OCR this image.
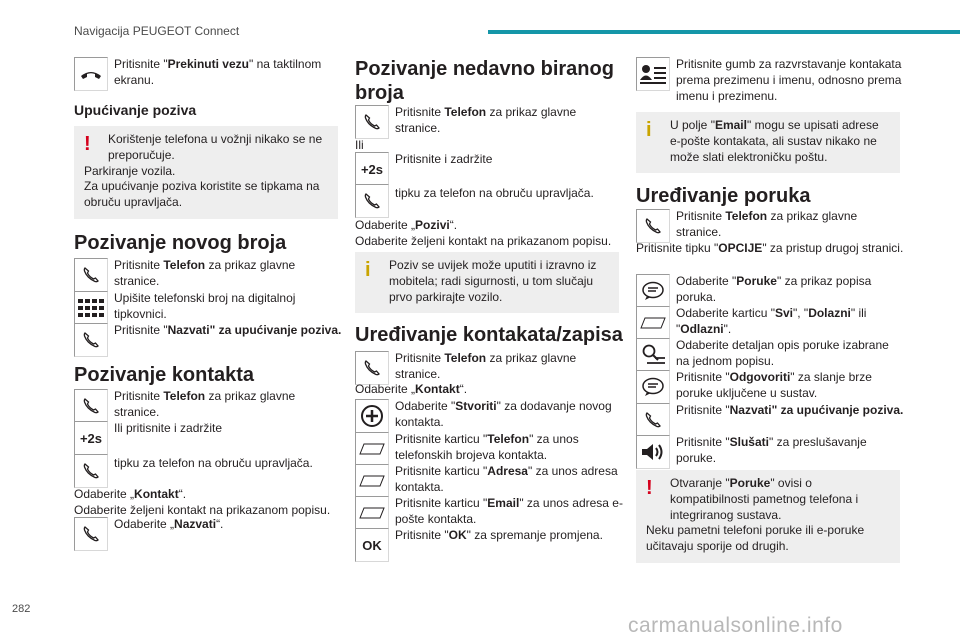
Navigacija PEUGEOT Connect
282
carmanualsonline.info
Pritisnite "Prekinuti vezu" na taktilnom ekranu.
Upućivanje poziva
!	Korištenje telefona u vožnji nikako se ne preporučuje.
Parkiranje vozila.
Za upućivanje poziva koristite se tipkama na obruču upravljača.
Pozivanje novog broja
Pritisnite Telefon za prikaz glavne stranice.
Upišite telefonski broj na digitalnoj tipkovnici.
Pritisnite "Nazvati" za upućivanje poziva.
Pozivanje kontakta
Pritisnite Telefon za prikaz glavne stranice.
+2s
Ili pritisnite i zadržite
tipku za telefon na obruču upravljača.
Odaberite „Kontakt“.
Odaberite željeni kontakt na prikazanom popisu.
Odaberite „Nazvati“.
Pozivanje nedavno biranog broja
Pritisnite Telefon za prikaz glavne stranice.
Ili
+2s
Pritisnite i zadržite
tipku za telefon na obruču upravljača.
Odaberite „Pozivi“.
Odaberite željeni kontakt na prikazanom popisu.
i	Poziv se uvijek može uputiti i izravno iz mobitela; radi sigurnosti, u tom slučaju prvo parkirajte vozilo.
Uređivanje kontakata/zapisa
Pritisnite Telefon za prikaz glavne stranice.
Odaberite „Kontakt“.
Odaberite "Stvoriti" za dodavanje novog kontakta.
Pritisnite karticu "Telefon" za unos telefonskih brojeva kontakta.
Pritisnite karticu "Adresa" za unos adresa kontakta.
Pritisnite karticu "Email" za unos adresa e-pošte kontakta.
OK
Pritisnite "OK" za spremanje promjena.
Pritisnite gumb za razvrstavanje kontakata prema prezimenu i imenu, odnosno prema imenu i prezimenu.
i	U polje "Email" mogu se upisati adrese e-pošte kontakata, ali sustav nikako ne može slati elektroničku poštu.
Uređivanje poruka
Pritisnite Telefon za prikaz glavne stranice.
Pritisnite tipku "OPCIJE" za pristup drugoj stranici.
Odaberite "Poruke" za prikaz popisa poruka.
Odaberite karticu "Svi", "Dolazni" ili "Odlazni".
Odaberite detaljan opis poruke izabrane na jednom popisu.
Pritisnite "Odgovoriti" za slanje brze poruke uključene u sustav.
Pritisnite "Nazvati" za upućivanje poziva.
Pritisnite "Slušati" za preslušavanje poruke.
!	Otvaranje "Poruke" ovisi o kompatibilnosti pametnog telefona i integriranog sustava.
Neku pametni telefoni poruke ili e-poruke učitavaju sporije od drugih.
